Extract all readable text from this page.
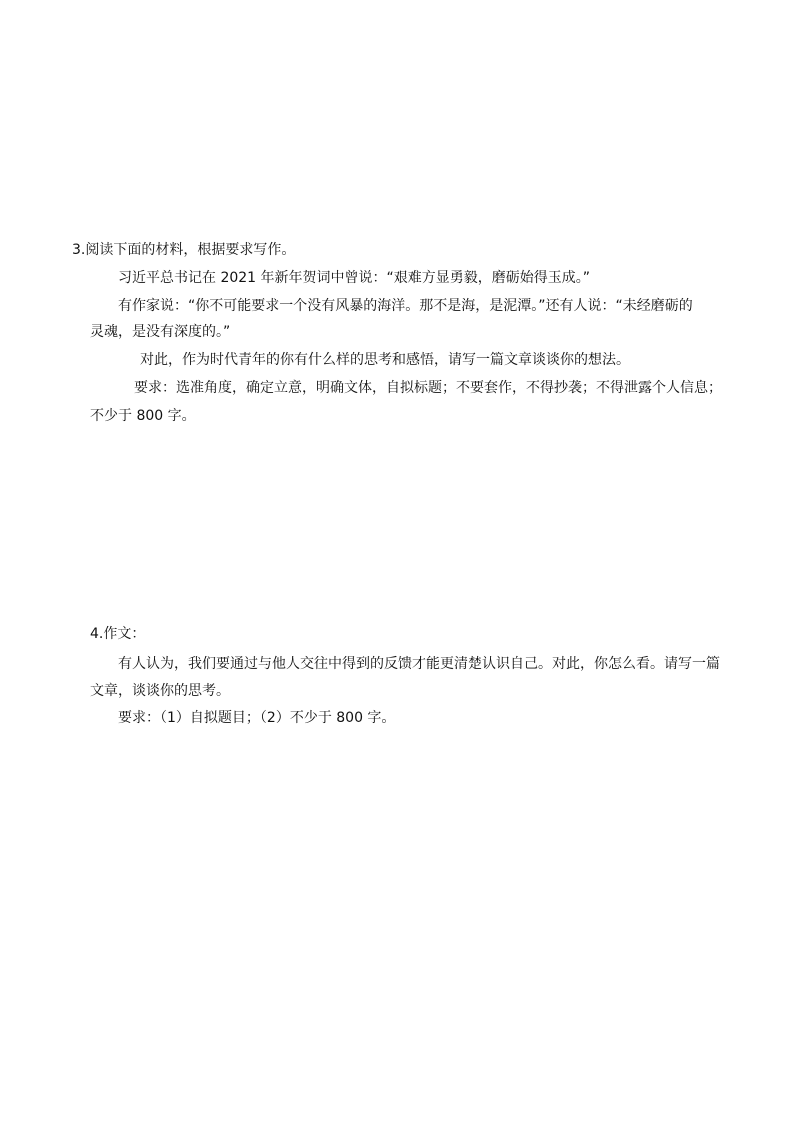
3.阅读下面的材料，根据要求写作。
习近平总书记在 2021 年新年贺词中曾说：“艰难方显勇毅，磨砺始得玉成。”
有作家说：“你不可能要求一个没有风暴的海洋。那不是海，是泥潭。”还有人说：“未经磨砺的
灵魂，是没有深度的。”
对此，作为时代青年的你有什么样的思考和感悟，请写一篇文章谈谈你的想法。
要求：选准角度，确定立意，明确文体，自拟标题；不要套作，不得抄袭；不得泄露个人信息；
不少于 800 字。
4.作文：
有人认为，我们要通过与他人交往中得到的反馈才能更清楚认识自己。对此，你怎么看。请写一篇
文章，谈谈你的思考。
要求：（1）自拟题目；（2）不少于 800 字。
